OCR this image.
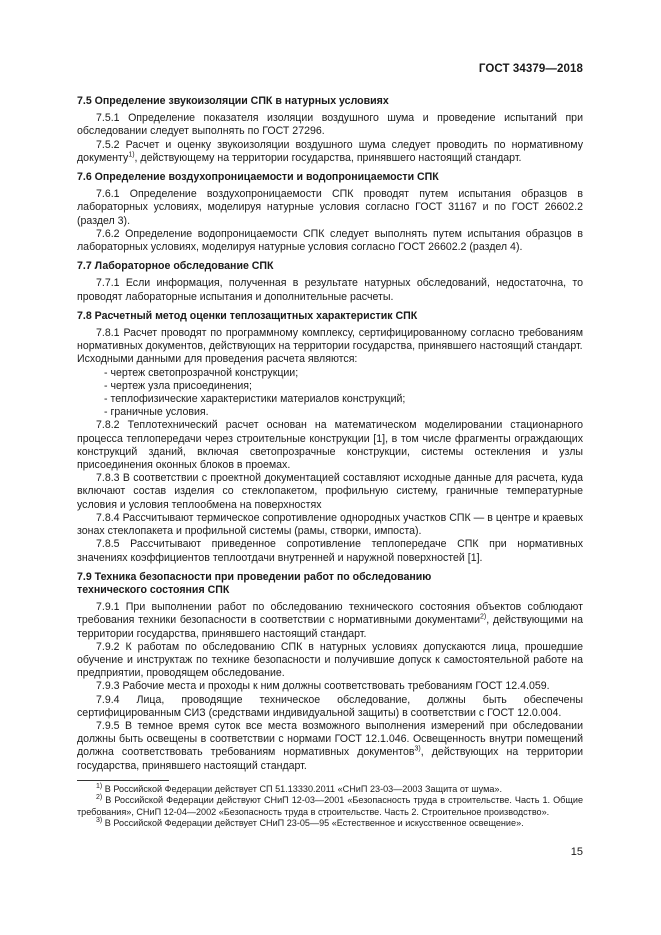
ГОСТ 34379—2018
7.5 Определение звукоизоляции СПК в натурных условиях

7.5.1 Определение показателя изоляции воздушного шума и проведение испытаний при обследовании следует выполнять по ГОСТ 27296.

7.5.2 Расчет и оценку звукоизоляции воздушного шума следует проводить по нормативному документу$^{1)}$, действующему на территории государства, принявшего настоящий стандарт.

7.6 Определение воздухопроницаемости и водопроницаемости СПК

7.6.1 Определение воздухопроницаемости СПК проводят путем испытания образцов в лабораторных условиях, моделируя натурные условия согласно ГОСТ 31167 и по ГОСТ 26602.2 (раздел 3).

7.6.2 Определение водопроницаемости СПК следует выполнять путем испытания образцов в лабораторных условиях, моделируя натурные условия согласно ГОСТ 26602.2 (раздел 4).

7.7 Лабораторное обследование СПК

7.7.1 Если информация, полученная в результате натурных обследований, недостаточна, то проводят лабораторные испытания и дополнительные расчеты.

7.8 Расчетный метод оценки теплозащитных характеристик СПК

7.8.1 Расчет проводят по программному комплексу, сертифицированному согласно требованиям нормативных документов, действующих на территории государства, принявшего настоящий стандарт.

Исходными данными для проведения расчета являются:

- чертеж светопрозрачной конструкции;
- чертеж узла присоединения;
- теплофизические характеристики материалов конструкций;
- граничные условия.

7.8.2 Теплотехнический расчет основан на математическом моделировании стационарного процесса теплопередачи через строительные конструкции [1], в том числе фрагменты ограждающих конструкций зданий, включая светопрозрачные конструкции, системы остекления и узлы присоединения оконных блоков в проемах.

7.8.3 В соответствии с проектной документацией составляют исходные данные для расчета, куда включают состав изделия со стеклопакетом, профильную систему, граничные температурные условия и условия теплообмена на поверхностях

7.8.4 Рассчитывают термическое сопротивление однородных участков СПК — в центре и краевых зонах стеклопакета и профильной системы (рамы, створки, импоста).

7.8.5 Рассчитывают приведенное сопротивление теплопередаче СПК при нормативных значениях коэффициентов теплоотдачи внутренней и наружной поверхностей [1].

7.9 Техника безопасности при проведении работ по обследованию технического состояния СПК

7.9.1 При выполнении работ по обследованию технического состояния объектов соблюдают требования техники безопасности в соответствии с нормативными документами$^{2)}$, действующими на территории государства, принявшего настоящий стандарт.

7.9.2 К работам по обследованию СПК в натурных условиях допускаются лица, прошедшие обучение и инструктаж по технике безопасности и получившие допуск к самостоятельной работе на предприятии, проводящем обследование.

7.9.3 Рабочие места и проходы к ним должны соответствовать требованиям ГОСТ 12.4.059.

7.9.4 Лица, проводящие техническое обследование, должны быть обеспечены сертифицированным СИЗ (средствами индивидуальной защиты) в соответствии с ГОСТ 12.0.004.

7.9.5 В темное время суток все места возможного выполнения измерений при обследовании должны быть освещены в соответствии с нормами ГОСТ 12.1.046. Освещенность внутри помещений должна соответствовать требованиям нормативных документов$^{3)}$, действующих на территории государства, принявшего настоящий стандарт.

$^{1)}$ В Российской Федерации действует СП 51.13330.2011 «СНиП 23-03—2003 Защита от шума».
$^{2)}$ В Российской Федерации действуют СНиП 12-03—2001 «Безопасность труда в строительстве. Часть 1. Общие требования», СНиП 12-04—2002 «Безопасность труда в строительстве. Часть 2. Строительное производство».
$^{3)}$ В Российской Федерации действует СНиП 23-05—95 «Естественное и искусственное освещение».
15
